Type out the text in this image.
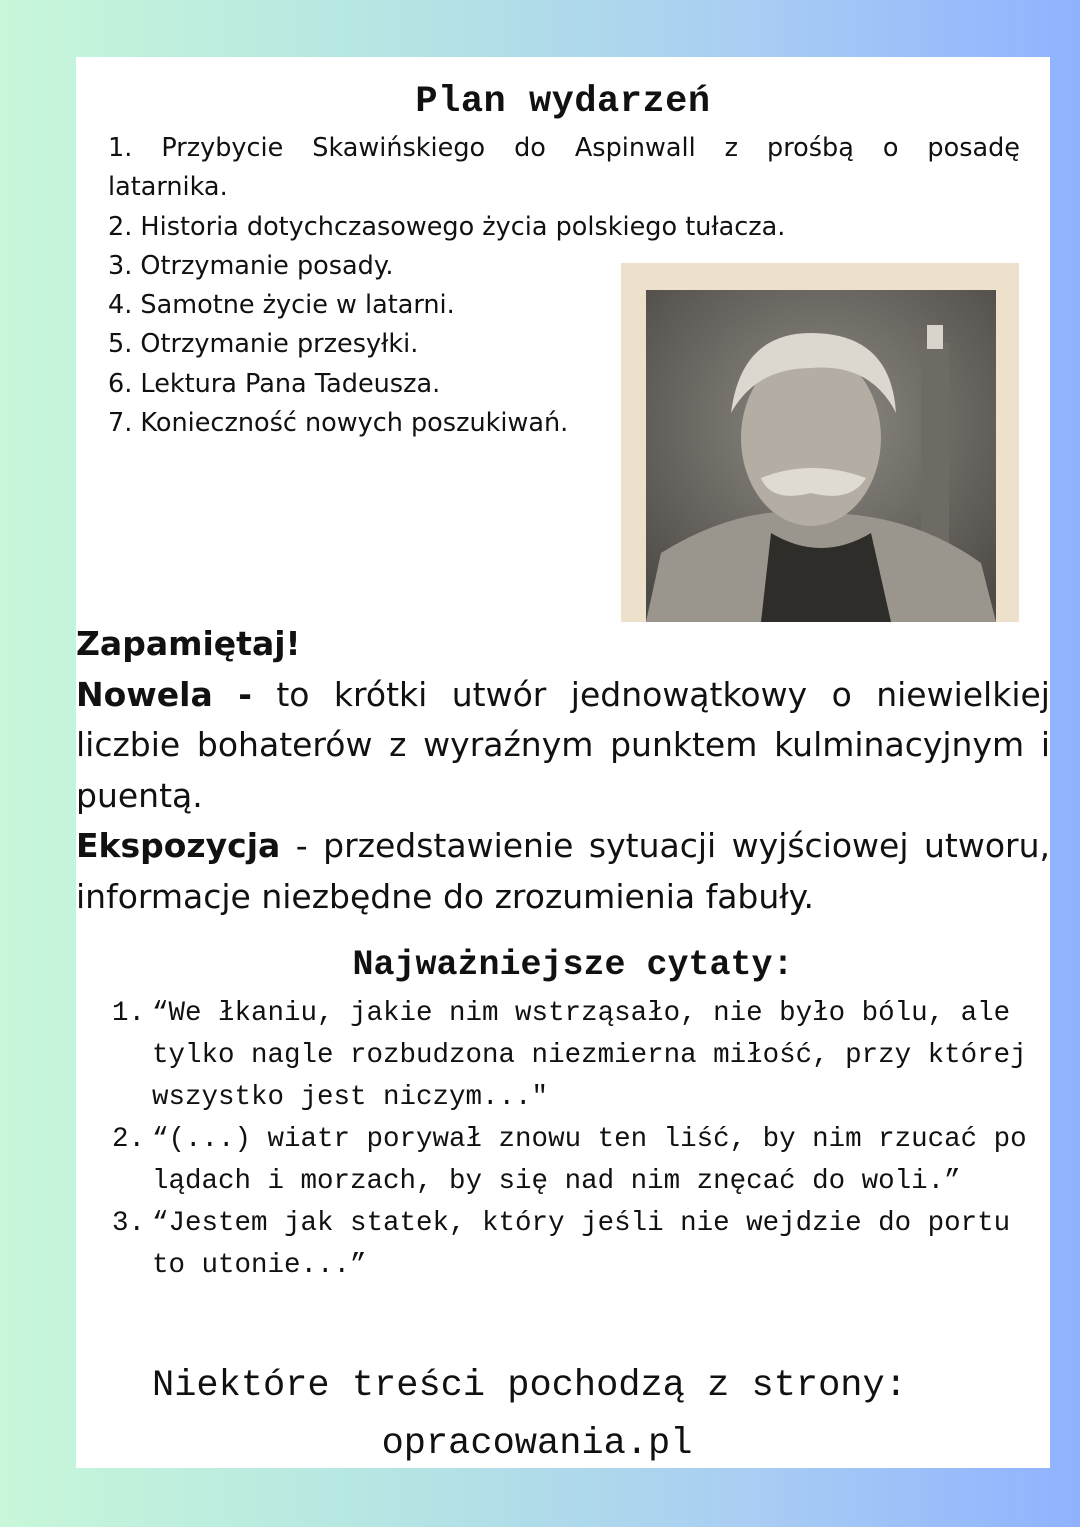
Plan wydarzeń
1. Przybycie Skawińskiego do Aspinwall z prośbą o posadę
latarnika.
2. Historia dotychczasowego życia polskiego tułacza.
3. Otrzymanie posady.
4. Samotne życie w latarni.
5. Otrzymanie przesyłki.
6. Lektura Pana Tadeusza.
7. Konieczność nowych poszukiwań.
Zapamiętaj!
Nowela - to krótki utwór jednowątkowy o niewielkiej liczbie bohaterów z wyraźnym punktem kulminacyjnym i puentą.
Ekspozycja - przedstawienie sytuacji wyjściowej utworu, informacje niezbędne do zrozumienia fabuły.
Najważniejsze cytaty:
1. “We łkaniu, jakie nim wstrząsało, nie było bólu, ale tylko nagle rozbudzona niezmierna miłość, przy której wszystko jest niczym..."
2. “(...) wiatr porywał znowu ten liść, by nim rzucać po lądach i morzach, by się nad nim znęcać do woli.”
3. “Jestem jak statek, który jeśli nie wejdzie do portu to utonie...”
Niektóre treści pochodzą z strony:
opracowania.pl
